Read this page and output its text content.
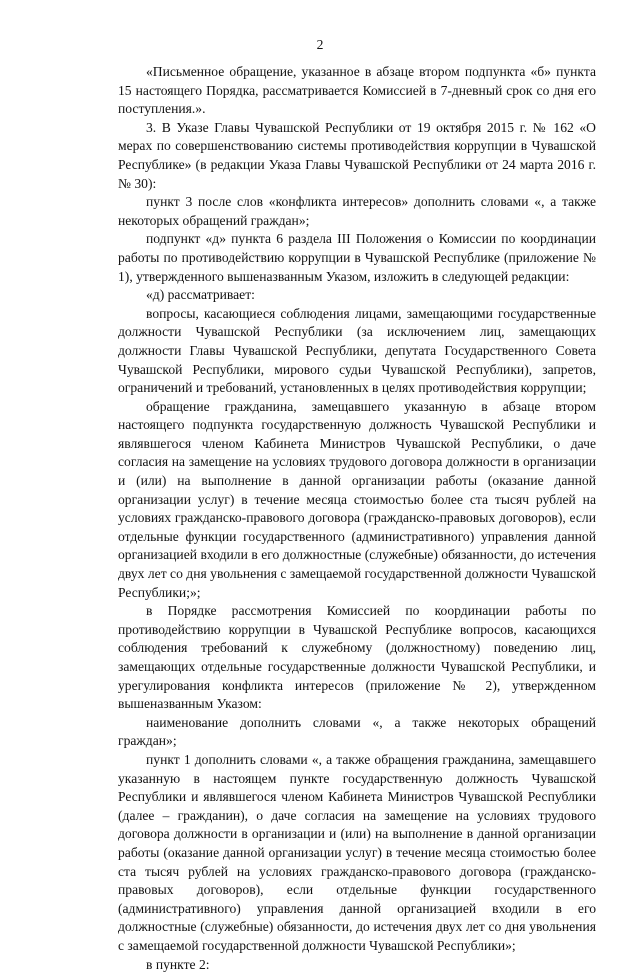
2

«Письменное обращение, указанное в абзаце втором подпункта «б» пункта 15 настоящего Порядка, рассматривается Комиссией в 7-дневный срок со дня его поступления.».

3. В Указе Главы Чувашской Республики от 19 октября 2015 г. № 162 «О мерах по совершенствованию системы противодействия коррупции в Чувашской Республике» (в редакции Указа Главы Чувашской Республики от 24 марта 2016 г. № 30):

пункт 3 после слов «конфликта интересов» дополнить словами «, а также некоторых обращений граждан»;

подпункт «д» пункта 6 раздела III Положения о Комиссии по координации работы по противодействию коррупции в Чувашской Республике (приложение № 1), утвержденного вышеназванным Указом, изложить в следующей редакции:

«д) рассматривает:

вопросы, касающиеся соблюдения лицами, замещающими государственные должности Чувашской Республики (за исключением лиц, замещающих должности Главы Чувашской Республики, депутата Государственного Совета Чувашской Республики, мирового судьи Чувашской Республики), запретов, ограничений и требований, установленных в целях противодействия коррупции;

обращение гражданина, замещавшего указанную в абзаце втором настоящего подпункта государственную должность Чувашской Республики и являвшегося членом Кабинета Министров Чувашской Республики, о даче согласия на замещение на условиях трудового договора должности в организации и (или) на выполнение в данной организации работы (оказание данной организации услуг) в течение месяца стоимостью более ста тысяч рублей на условиях гражданско-правового договора (гражданско-правовых договоров), если отдельные функции государственного (административного) управления данной организацией входили в его должностные (служебные) обязанности, до истечения двух лет со дня увольнения с замещаемой государственной должности Чувашской Республики;»;

в Порядке рассмотрения Комиссией по координации работы по противодействию коррупции в Чувашской Республике вопросов, касающихся соблюдения требований к служебному (должностному) поведению лиц, замещающих отдельные государственные должности Чувашской Республики, и урегулирования конфликта интересов (приложение № 2), утвержденном вышеназванным Указом:

наименование дополнить словами «, а также некоторых обращений граждан»;

пункт 1 дополнить словами «, а также обращения гражданина, замещавшего указанную в настоящем пункте государственную должность Чувашской Республики и являвшегося членом Кабинета Министров Чувашской Республики (далее – гражданин), о даче согласия на замещение на условиях трудового договора должности в организации и (или) на выполнение в данной организации работы (оказание данной организации услуг) в течение месяца стоимостью более ста тысяч рублей на условиях гражданско-правового договора (гражданско-правовых договоров), если отдельные функции государственного (административного) управления данной организацией входили в его должностные (служебные) обязанности, до истечения двух лет со дня увольнения с замещаемой государственной должности Чувашской Республики»;

в пункте 2:
